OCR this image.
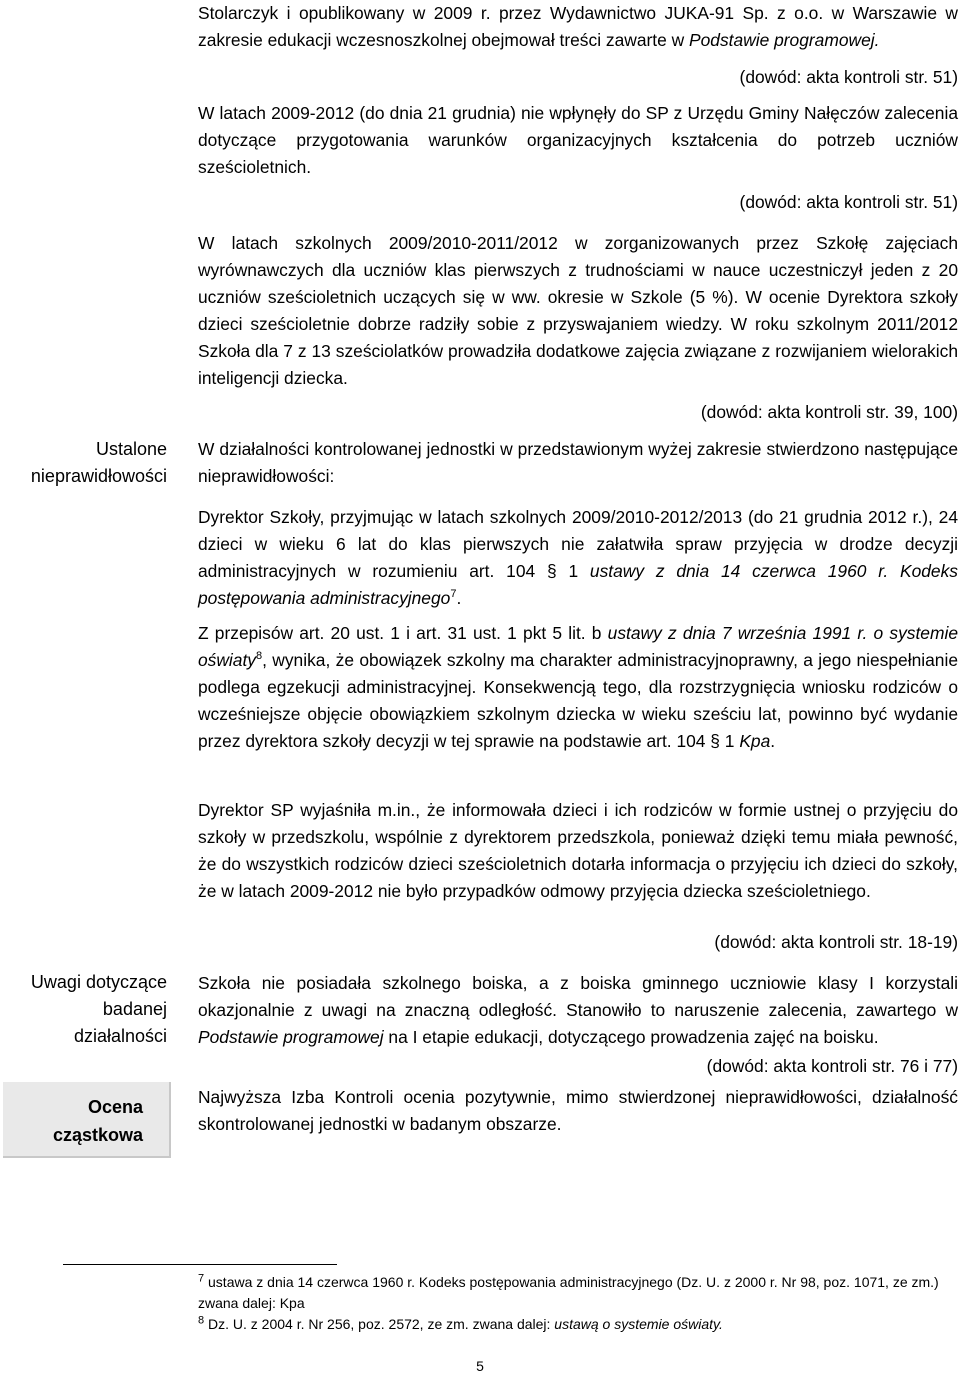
Ustalone
nieprawidłowości
Uwagi dotyczące
badanej
działalności
Ocena
cząstkowa

Stolarczyk i opublikowany w 2009 r. przez Wydawnictwo JUKA-91 Sp. z o.o. w Warszawie w zakresie edukacji wczesnoszkolnej obejmował treści zawarte w Podstawie programowej.

(dowód: akta kontroli str. 51)

W latach 2009-2012 (do dnia 21 grudnia) nie wpłynęły do SP z Urzędu Gminy Nałęczów zalecenia dotyczące przygotowania warunków organizacyjnych kształcenia do potrzeb uczniów sześcioletnich.

(dowód: akta kontroli str. 51)

W latach szkolnych 2009/2010-2011/2012 w zorganizowanych przez Szkołę zajęciach wyrównawczych dla uczniów klas pierwszych z trudnościami w nauce uczestniczył jeden z 20 uczniów sześcioletnich uczących się w ww. okresie w Szkole (5 %). W ocenie Dyrektora szkoły dzieci sześcioletnie dobrze radziły sobie z przyswajaniem wiedzy. W roku szkolnym 2011/2012 Szkoła dla 7 z 13 sześciolatków prowadziła dodatkowe zajęcia związane z rozwijaniem wielorakich inteligencji dziecka.

(dowód: akta kontroli str. 39, 100)

W działalności kontrolowanej jednostki w przedstawionym wyżej zakresie stwierdzono następujące nieprawidłowości:

Dyrektor Szkoły, przyjmując w latach szkolnych 2009/2010-2012/2013 (do 21 grudnia 2012 r.), 24 dzieci w wieku 6 lat do klas pierwszych nie załatwiła spraw przyjęcia w drodze decyzji administracyjnych w rozumieniu art. 104 § 1 ustawy z dnia 14 czerwca 1960 r. Kodeks postępowania administracyjnego$^7$.

Z przepisów art. 20 ust. 1 i art. 31 ust. 1 pkt 5 lit. b ustawy z dnia 7 września 1991 r. o systemie oświaty$^8$, wynika, że obowiązek szkolny ma charakter administracyjnoprawny, a jego niespełnianie podlega egzekucji administracyjnej. Konsekwencją tego, dla rozstrzygnięcia wniosku rodziców o wcześniejsze objęcie obowiązkiem szkolnym dziecka w wieku sześciu lat, powinno być wydanie przez dyrektora szkoły decyzji w tej sprawie na podstawie art. 104 § 1 Kpa.

Dyrektor SP wyjaśniła m.in., że informowała dzieci i ich rodziców w formie ustnej o przyjęciu do szkoły w przedszkolu, wspólnie z dyrektorem przedszkola, ponieważ dzięki temu miała pewność, że do wszystkich rodziców dzieci sześcioletnich dotarła informacja o przyjęciu ich dzieci do szkoły, że w latach 2009-2012 nie było przypadków odmowy przyjęcia dziecka sześcioletniego.

(dowód: akta kontroli str. 18-19)

Szkoła nie posiadała szkolnego boiska, a z boiska gminnego uczniowie klasy I korzystali okazjonalnie z uwagi na znaczną odległość. Stanowiło to naruszenie zalecenia, zawartego w Podstawie programowej na I etapie edukacji, dotyczącego prowadzenia zajęć na boisku.

(dowód: akta kontroli str. 76 i 77)

Najwyższa Izba Kontroli ocenia pozytywnie, mimo stwierdzonej nieprawidłowości, działalność skontrolowanej jednostki w badanym obszarze.

$^7$ ustawa z dnia 14 czerwca 1960 r. Kodeks postępowania administracyjnego (Dz. U. z 2000 r. Nr 98, poz. 1071, ze zm.) zwana dalej: Kpa

$^8$ Dz. U. z 2004 r. Nr 256, poz. 2572, ze zm. zwana dalej: ustawą o systemie oświaty.

5
